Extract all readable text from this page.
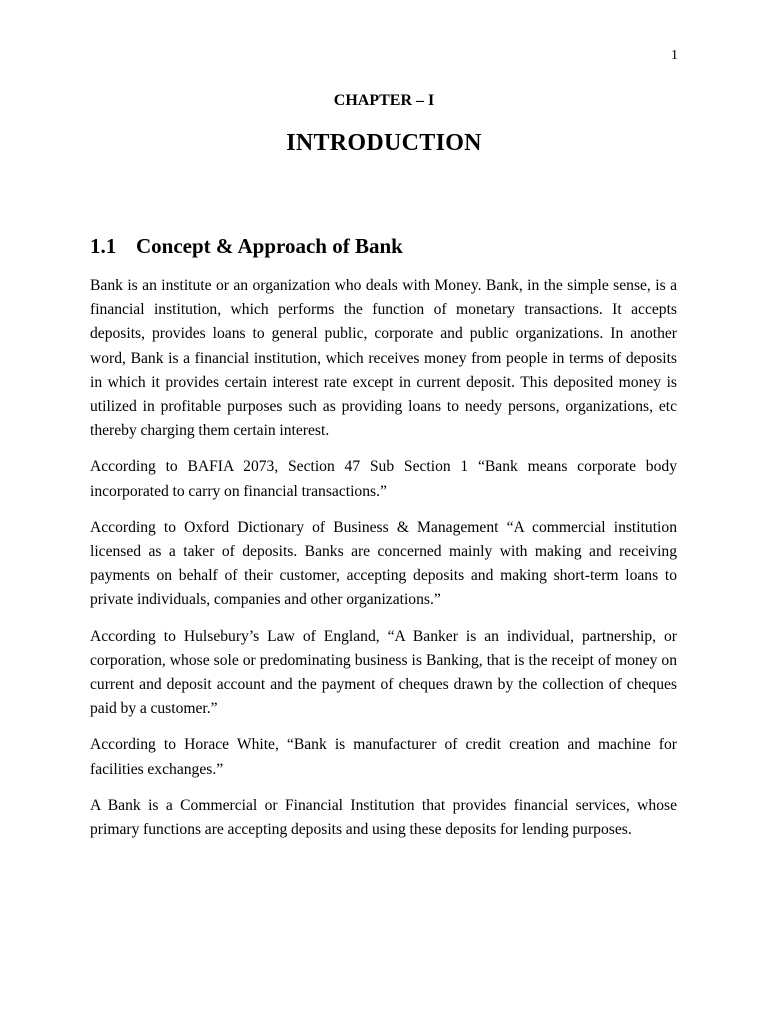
1
CHAPTER – I
INTRODUCTION
1.1 Concept & Approach of Bank

Bank is an institute or an organization who deals with Money. Bank, in the simple sense, is a financial institution, which performs the function of monetary transactions. It accepts deposits, provides loans to general public, corporate and public organizations. In another word, Bank is a financial institution, which receives money from people in terms of deposits in which it provides certain interest rate except in current deposit. This deposited money is utilized in profitable purposes such as providing loans to needy persons, organizations, etc thereby charging them certain interest.

According to BAFIA 2073, Section 47 Sub Section 1 “Bank means corporate body incorporated to carry on financial transactions.”

According to Oxford Dictionary of Business & Management “A commercial institution licensed as a taker of deposits. Banks are concerned mainly with making and receiving payments on behalf of their customer, accepting deposits and making short-term loans to private individuals, companies and other organizations.”

According to Hulsebury’s Law of England, “A Banker is an individual, partnership, or corporation, whose sole or predominating business is Banking, that is the receipt of money on current and deposit account and the payment of cheques drawn by the collection of cheques paid by a customer.”

According to Horace White, “Bank is manufacturer of credit creation and machine for facilities exchanges.”

A Bank is a Commercial or Financial Institution that provides financial services, whose primary functions are accepting deposits and using these deposits for lending purposes.
